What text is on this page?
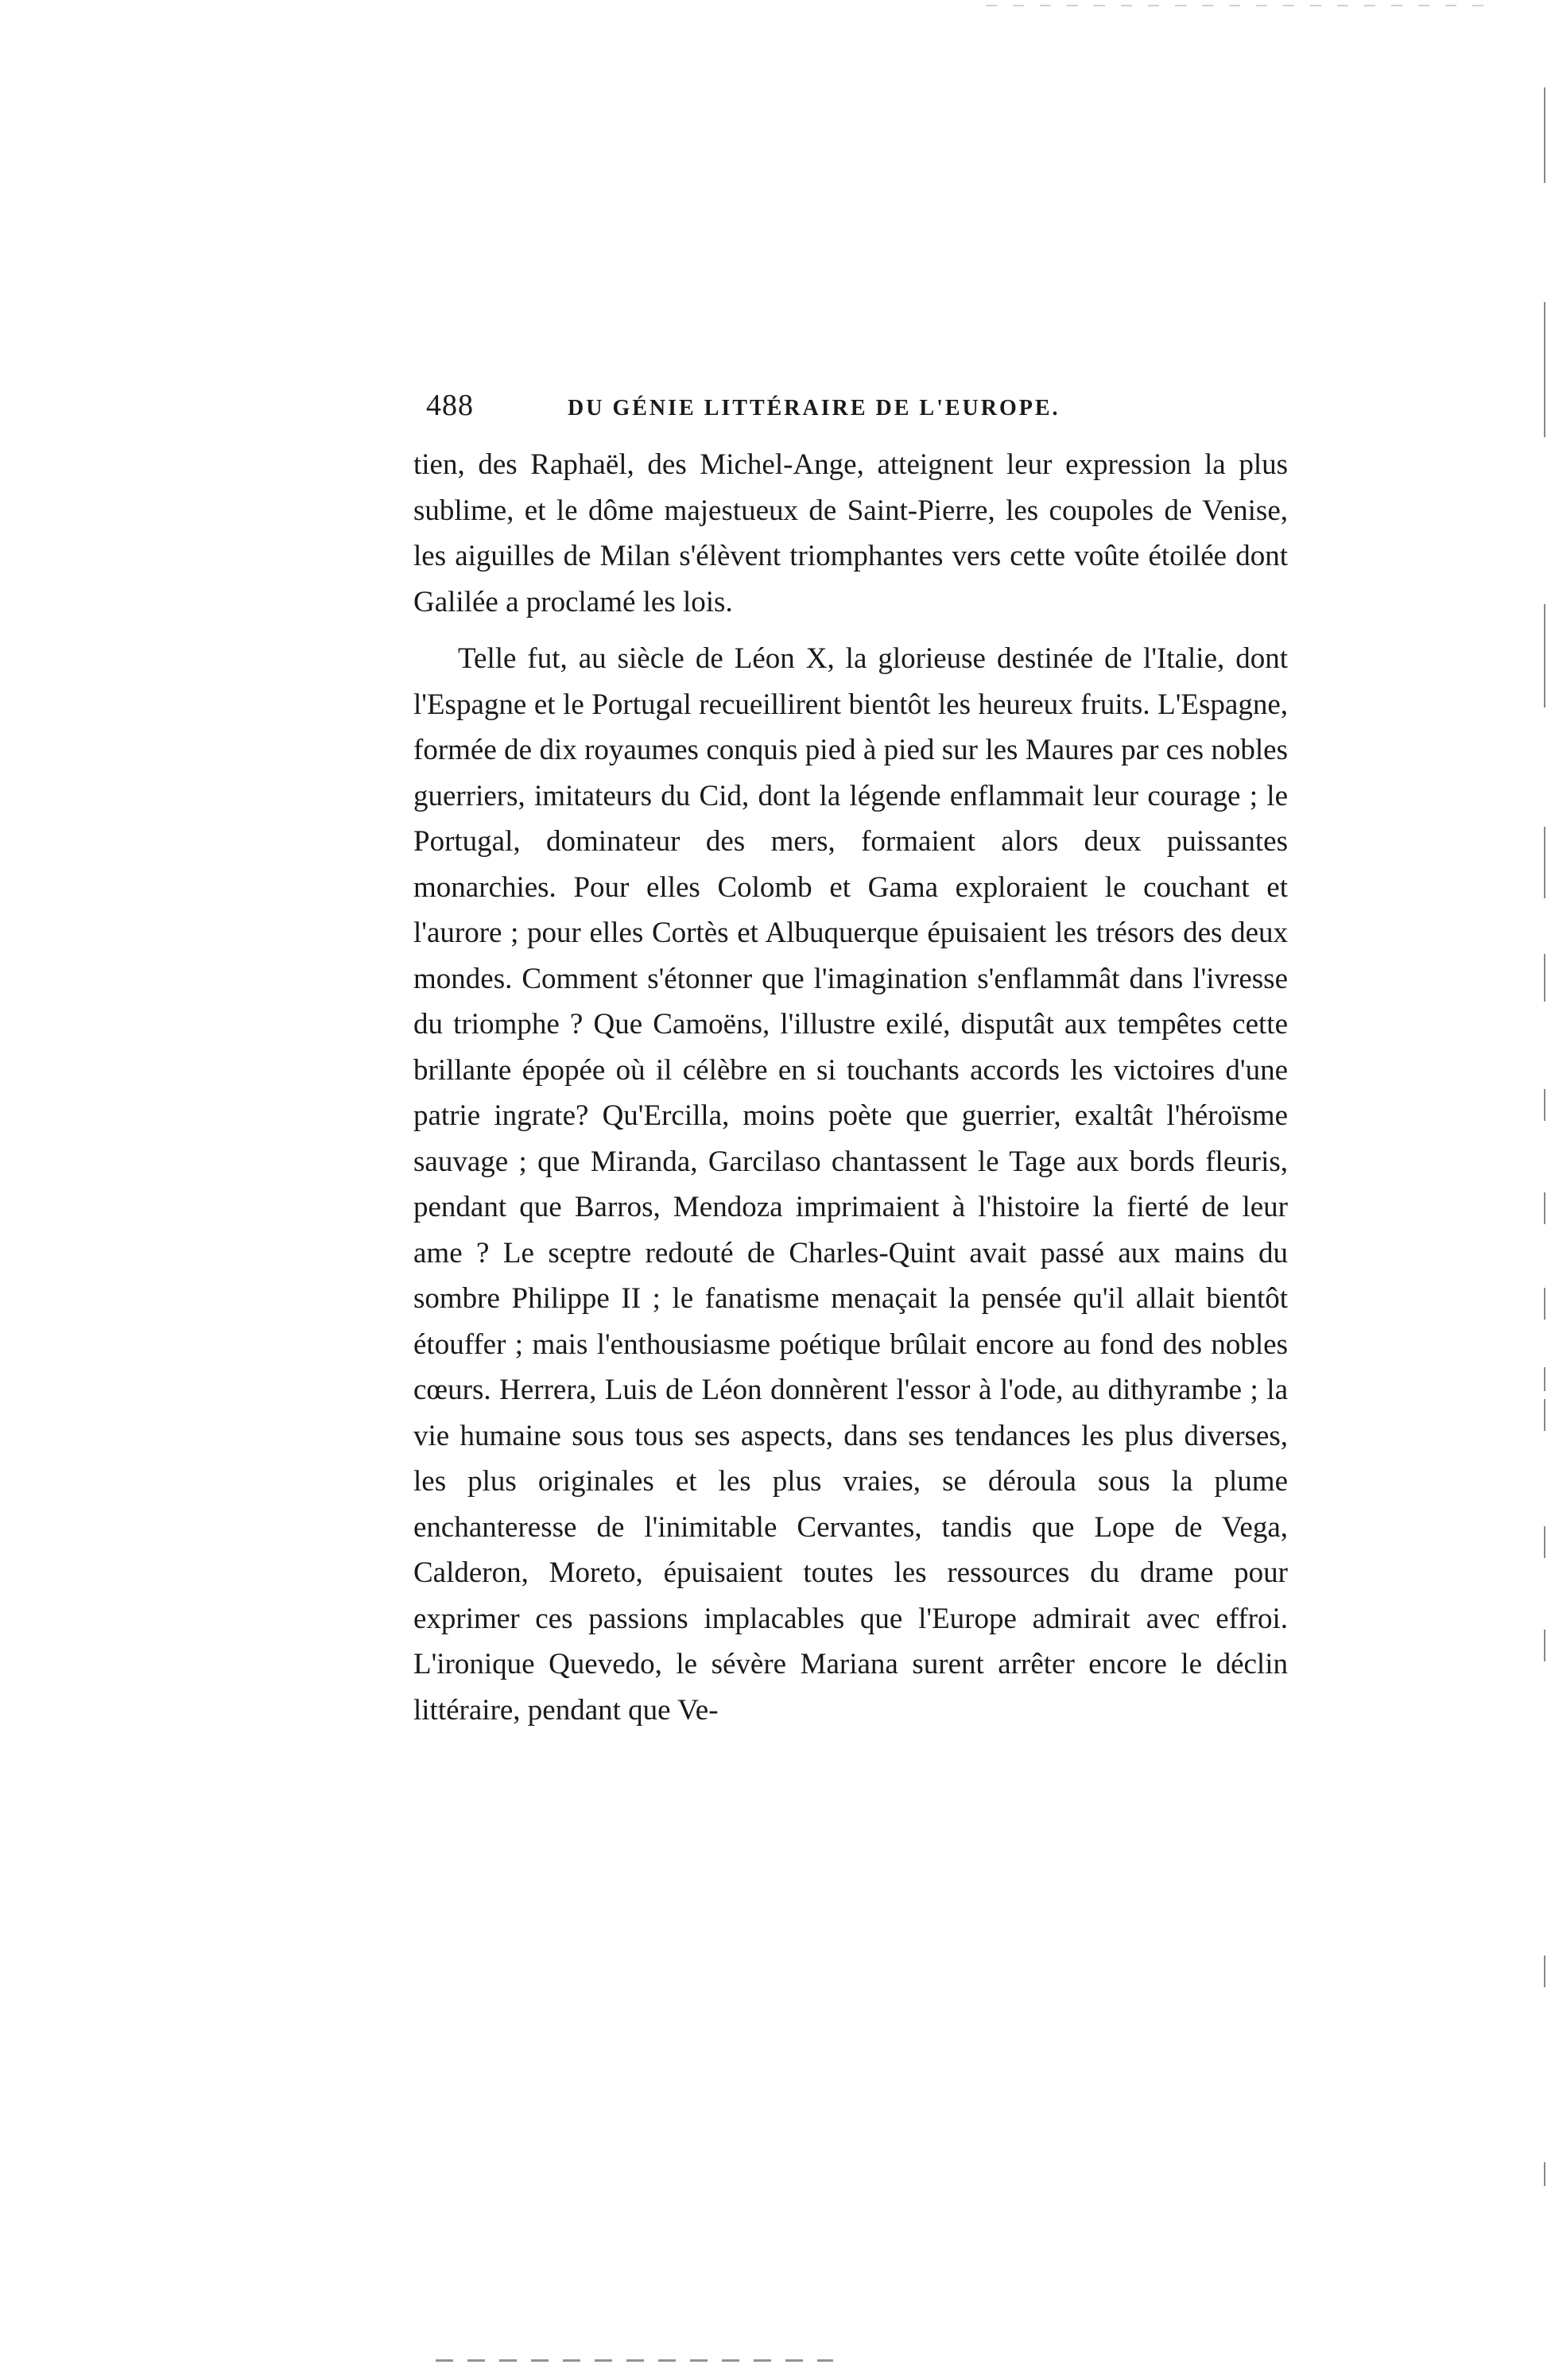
488	DU GÉNIE LITTÉRAIRE DE L'EUROPE.

tien, des Raphaël, des Michel-Ange, atteignent leur expression la plus sublime, et le dôme majestueux de Saint-Pierre, les coupoles de Venise, les aiguilles de Milan s'élèvent triomphantes vers cette voûte étoilée dont Galilée a proclamé les lois.

Telle fut, au siècle de Léon X, la glorieuse destinée de l'Italie, dont l'Espagne et le Portugal recueillirent bientôt les heureux fruits. L'Espagne, formée de dix royaumes conquis pied à pied sur les Maures par ces nobles guerriers, imitateurs du Cid, dont la légende enflammait leur courage ; le Portugal, dominateur des mers, formaient alors deux puissantes monarchies. Pour elles Colomb et Gama exploraient le couchant et l'aurore ; pour elles Cortès et Albuquerque épuisaient les trésors des deux mondes. Comment s'étonner que l'imagination s'enflammât dans l'ivresse du triomphe ? Que Camoëns, l'illustre exilé, disputât aux tempêtes cette brillante épopée où il célèbre en si touchants accords les victoires d'une patrie ingrate? Qu'Ercilla, moins poète que guerrier, exaltât l'héroïsme sauvage ; que Miranda, Garcilaso chantassent le Tage aux bords fleuris, pendant que Barros, Mendoza imprimaient à l'histoire la fierté de leur ame ? Le sceptre redouté de Charles-Quint avait passé aux mains du sombre Philippe II ; le fanatisme menaçait la pensée qu'il allait bientôt étouffer ; mais l'enthousiasme poétique brûlait encore au fond des nobles cœurs. Herrera, Luis de Léon donnèrent l'essor à l'ode, au dithyrambe ; la vie humaine sous tous ses aspects, dans ses tendances les plus diverses, les plus originales et les plus vraies, se déroula sous la plume enchanteresse de l'inimitable Cervantes, tandis que Lope de Vega, Calderon, Moreto, épuisaient toutes les ressources du drame pour exprimer ces passions implacables que l'Europe admirait avec effroi. L'ironique Quevedo, le sévère Mariana surent arrêter encore le déclin littéraire, pendant que Ve-
